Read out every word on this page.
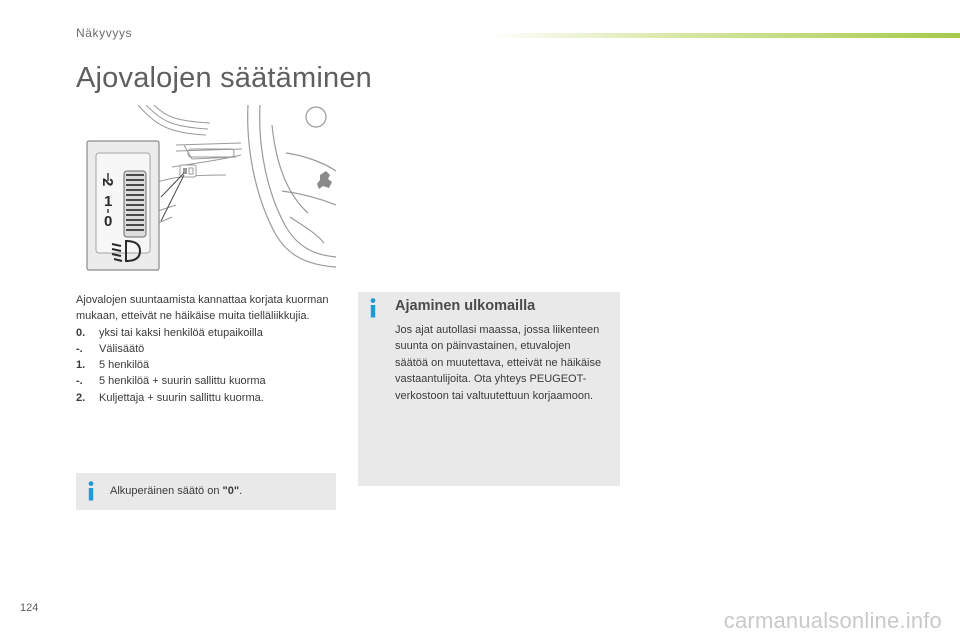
Näkyvyys
Ajovalojen säätäminen
2
1
0

Ajovalojen suuntaamista kannattaa korjata kuorman mukaan, etteivät ne häikäise muita tielläliikkujia.

0.	yksi tai kaksi henkilöä etupaikoilla
-.	Välisäätö
1.	5 henkilöä
-.	5 henkilöä + suurin sallittu kuorma
2.	Kuljettaja + suurin sallittu kuorma.
Alkuperäinen säätö on "0".
Ajaminen ulkomailla

Jos ajat autollasi maassa, jossa liikenteen suunta on päinvastainen, etuvalojen säätöä on muutettava, etteivät ne häikäise vastaantulijoita. Ota yhteys PEUGEOT-verkostoon tai valtuutettuun korjaamoon.

124	carmanualsonline.info
